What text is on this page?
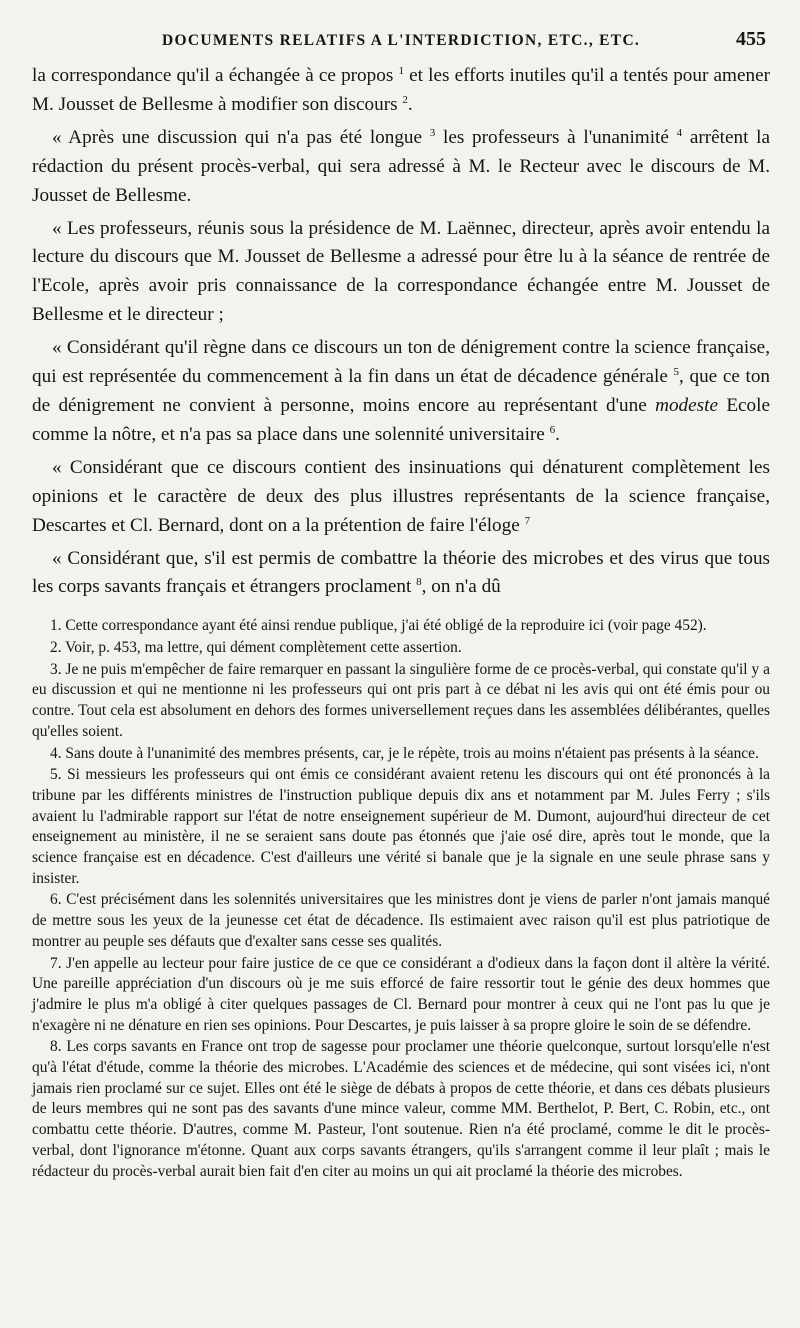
DOCUMENTS RELATIFS A L'INTERDICTION, ETC., ETC.	455

la correspondance qu'il a échangée à ce propos $^1$ et les efforts inutiles qu'il a tentés pour amener M. Jousset de Bellesme à modifier son discours $^2$.

« Après une discussion qui n'a pas été longue $^3$ les professeurs à l'unanimité $^4$ arrêtent la rédaction du présent procès-verbal, qui sera adressé à M. le Recteur avec le discours de M. Jousset de Bellesme.

« Les professeurs, réunis sous la présidence de M. Laënnec, directeur, après avoir entendu la lecture du discours que M. Jousset de Bellesme a adressé pour être lu à la séance de rentrée de l'Ecole, après avoir pris connaissance de la correspondance échangée entre M. Jousset de Bellesme et le directeur ;

« Considérant qu'il règne dans ce discours un ton de dénigrement contre la science française, qui est représentée du commencement à la fin dans un état de décadence générale $^5$, que ce ton de dénigrement ne convient à personne, moins encore au représentant d'une modeste Ecole comme la nôtre, et n'a pas sa place dans une solennité universitaire $^6$.

« Considérant que ce discours contient des insinuations qui dénaturent complètement les opinions et le caractère de deux des plus illustres représentants de la science française, Descartes et Cl. Bernard, dont on a la prétention de faire l'éloge $^7$

« Considérant que, s'il est permis de combattre la théorie des microbes et des virus que tous les corps savants français et étrangers proclament $^8$, on n'a dû

1. Cette correspondance ayant été ainsi rendue publique, j'ai été obligé de la reproduire ici (voir page 452).

2. Voir, p. 453, ma lettre, qui dément complètement cette assertion.

3. Je ne puis m'empêcher de faire remarquer en passant la singulière forme de ce procès-verbal, qui constate qu'il y a eu discussion et qui ne mentionne ni les professeurs qui ont pris part à ce débat ni les avis qui ont été émis pour ou contre. Tout cela est absolument en dehors des formes universellement reçues dans les assemblées délibérantes, quelles qu'elles soient.

4. Sans doute à l'unanimité des membres présents, car, je le répète, trois au moins n'étaient pas présents à la séance.

5. Si messieurs les professeurs qui ont émis ce considérant avaient retenu les discours qui ont été prononcés à la tribune par les différents ministres de l'instruction publique depuis dix ans et notamment par M. Jules Ferry ; s'ils avaient lu l'admirable rapport sur l'état de notre enseignement supérieur de M. Dumont, aujourd'hui directeur de cet enseignement au ministère, il ne se seraient sans doute pas étonnés que j'aie osé dire, après tout le monde, que la science française est en décadence. C'est d'ailleurs une vérité si banale que je la signale en une seule phrase sans y insister.

6. C'est précisément dans les solennités universitaires que les ministres dont je viens de parler n'ont jamais manqué de mettre sous les yeux de la jeunesse cet état de décadence. Ils estimaient avec raison qu'il est plus patriotique de montrer au peuple ses défauts que d'exalter sans cesse ses qualités.

7. J'en appelle au lecteur pour faire justice de ce que ce considérant a d'odieux dans la façon dont il altère la vérité. Une pareille appréciation d'un discours où je me suis efforcé de faire ressortir tout le génie des deux hommes que j'admire le plus m'a obligé à citer quelques passages de Cl. Bernard pour montrer à ceux qui ne l'ont pas lu que je n'exagère ni ne dénature en rien ses opinions. Pour Descartes, je puis laisser à sa propre gloire le soin de se défendre.

8. Les corps savants en France ont trop de sagesse pour proclamer une théorie quelconque, surtout lorsqu'elle n'est qu'à l'état d'étude, comme la théorie des microbes. L'Académie des sciences et de médecine, qui sont visées ici, n'ont jamais rien proclamé sur ce sujet. Elles ont été le siège de débats à propos de cette théorie, et dans ces débats plusieurs de leurs membres qui ne sont pas des savants d'une mince valeur, comme MM. Berthelot, P. Bert, C. Robin, etc., ont combattu cette théorie. D'autres, comme M. Pasteur, l'ont soutenue. Rien n'a été proclamé, comme le dit le procès-verbal, dont l'ignorance m'étonne. Quant aux corps savants étrangers, qu'ils s'arrangent comme il leur plaît ; mais le rédacteur du procès-verbal aurait bien fait d'en citer au moins un qui ait proclamé la théorie des microbes.
